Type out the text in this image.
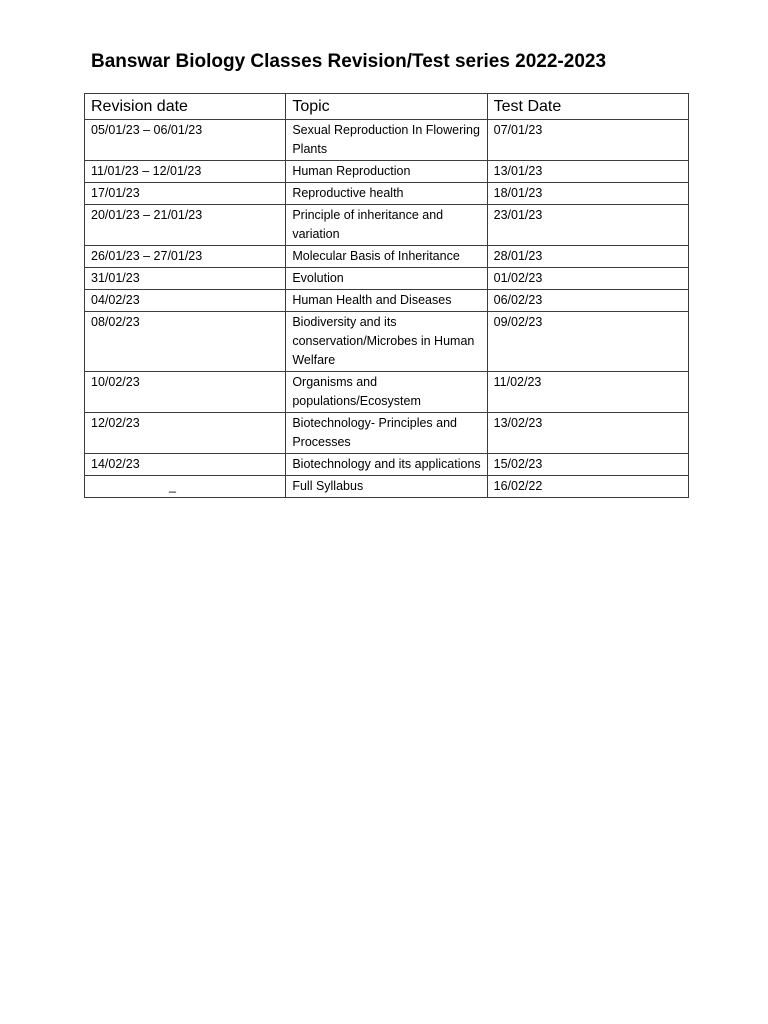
Banswar Biology Classes Revision/Test series 2022-2023
Revision date	Topic	Test Date
05/01/23 – 06/01/23	Sexual Reproduction In Flowering Plants	07/01/23
11/01/23 – 12/01/23	Human Reproduction	13/01/23
17/01/23	Reproductive health	18/01/23
20/01/23 – 21/01/23	Principle of inheritance and variation	23/01/23
26/01/23 – 27/01/23	Molecular Basis of Inheritance	28/01/23
31/01/23	Evolution	01/02/23
04/02/23	Human Health and Diseases	06/02/23
08/02/23	Biodiversity and its conservation/Microbes in Human Welfare	09/02/23
10/02/23	Organisms and populations/Ecosystem	11/02/23
12/02/23	Biotechnology- Principles and Processes	13/02/23
14/02/23	Biotechnology and its applications	15/02/23
_	Full Syllabus	16/02/22
